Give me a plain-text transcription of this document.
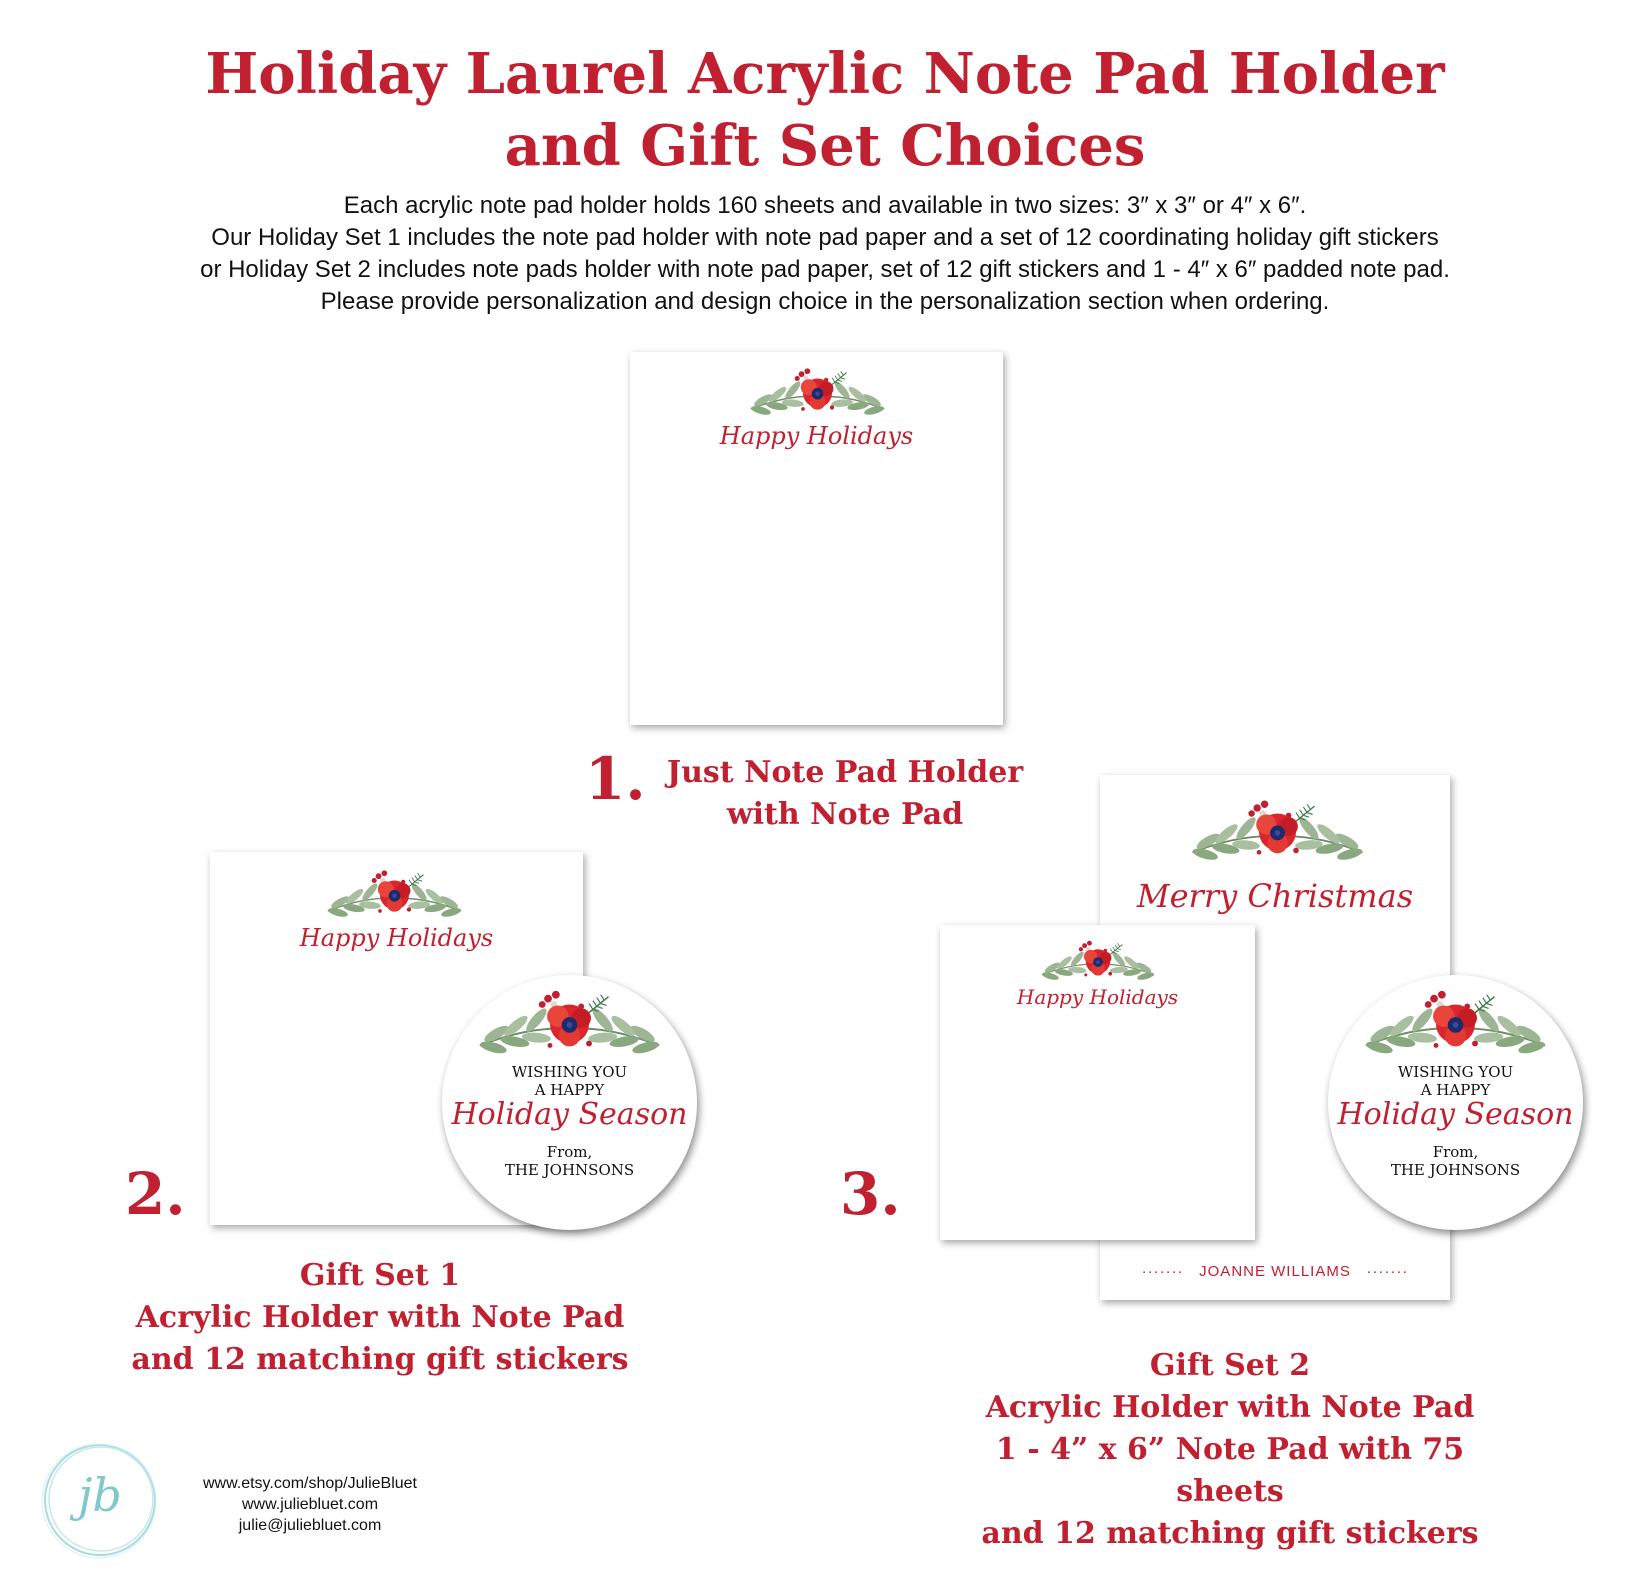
Holiday Laurel Acrylic Note Pad Holder
and Gift Set Choices
Each acrylic note pad holder holds 160 sheets and available in two sizes: 3″ x 3″ or 4″ x 6″.
Our Holiday Set 1 includes the note pad holder with note pad paper and a set of 12 coordinating holiday gift stickers
or Holiday Set 2 includes note pads holder with note pad paper, set of 12 gift stickers and 1 - 4″ x 6″ padded note pad.
Please provide personalization and design choice in the personalization section when ordering.
Happy Holidays
1. Just Note Pad Holder
with Note Pad
Happy Holidays
WISHING YOU
A HAPPY
Holiday Season
From,
THE JOHNSONS
2.
Gift Set 1
Acrylic Holder with Note Pad
and 12 matching gift stickers
Merry Christmas
······· JOANNE WILLIAMS ·······
Happy Holidays
WISHING YOU
A HAPPY
Holiday Season
From,
THE JOHNSONS
3.
Gift Set 2
Acrylic Holder with Note Pad
1 - 4” x 6” Note Pad with 75 sheets
and 12 matching gift stickers
jb	www.etsy.com/shop/JulieBluet
www.juliebluet.com
julie@juliebluet.com
